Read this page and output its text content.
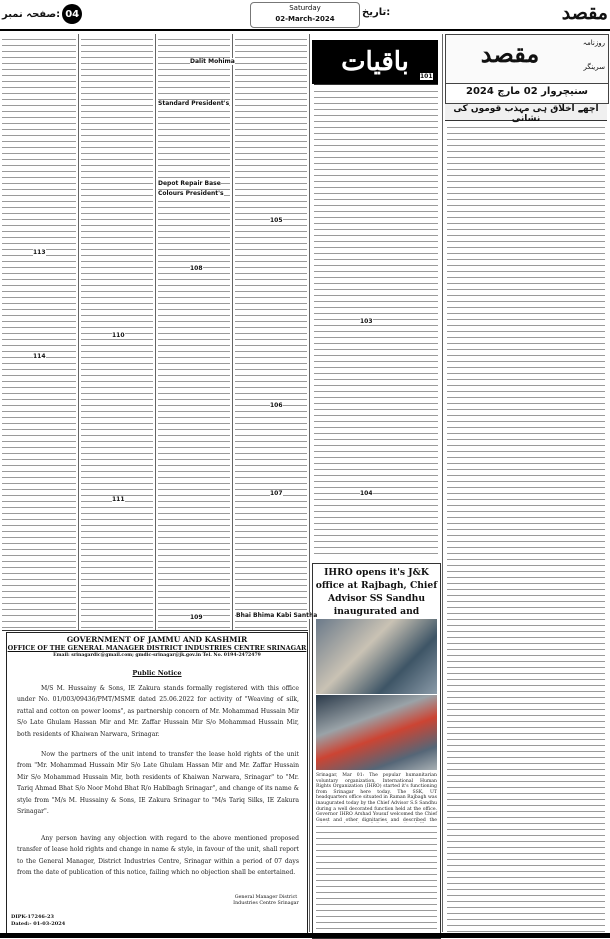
مقصد
صفحہ نمبر: 04
Saturday
02-March-2024
تاریخ:
مقصد	روزنامہ
سرینگر
سنیچروار 02 مارچ 2024
اچھے اخلاق ہی مہذب قوموں کی نشانی
باقیات	101
103
104
105
106
107
108
109
110
111
113
114
Dalit Mohima
Standard President's
Depot Repair Base
Colours President's
Bhai Bhima Kabi Santha
IHRO opens it's J&K office at Rajbagh, Chief Advisor SS Sandhu inaugurated and
Srinagar, Mar 01: The popular humanitarian voluntary organization, International Human Rights Organization (IHRO) started it's functioning from Srinagar here today. The SSK, UT headquarters office situated in Raman Rajbagh was inaugurated today by the Chief Advisor S.S Sandhu during a well decorated function held at the office. Governor IHRO Arshad Yousuf welcomed the Chief Guest and other dignitaries and described the
GOVERNMENT OF JAMMU AND KASHMIR
OFFICE OF THE GENERAL MANAGER DISTRICT INDUSTRIES CENTRE SRINAGAR
Email: srinagardic@gmail.com; gmdic-srinagar@jk.gov.in Tel. No. 0194-2472479
Public Notice
M/S M. Hussainy & Sons, IE Zakura stands formally registered with this office under No. 01/003/09436/PMT/MSME dated 25.06.2022 for activity of "Weaving of silk, rattal and cotton on power looms", as partnership concern of Mr. Mohammad Hussain Mir S/o Late Ghulam Hassan Mir and Mr. Zaffar Hussain Mir S/o Mohammad Hussain Mir, both residents of Khaiwan Narwara, Srinagar.
Now the partners of the unit intend to transfer the lease hold rights of the unit from "Mr. Mohammad Hussain Mir S/o Late Ghulam Hassan Mir and Mr. Zaffar Hussain Mir S/o Mohammad Hussain Mir, both residents of Khaiwan Narwara, Srinagar" to "Mr. Tariq Ahmad Bhat S/o Noor Mohd Bhat R/o Hablbagh Srinagar", and change of its name & style from "M/s M. Hussainy & Sons, IE Zakura Srinagar to "M/s Tariq Silks, IE Zakura Srinagar".
Any person having any objection with regard to the above mentioned proposed transfer of lease hold rights and change in name & style, in favour of the unit, shall report to the General Manager, District Industries Centre, Srinagar within a period of 07 days from the date of publication of this notice, failing which no objection shall be entertained.
General Manager District Industries Centre Srinagar
DIPK-17246-23
Dated:- 01-03-2024
